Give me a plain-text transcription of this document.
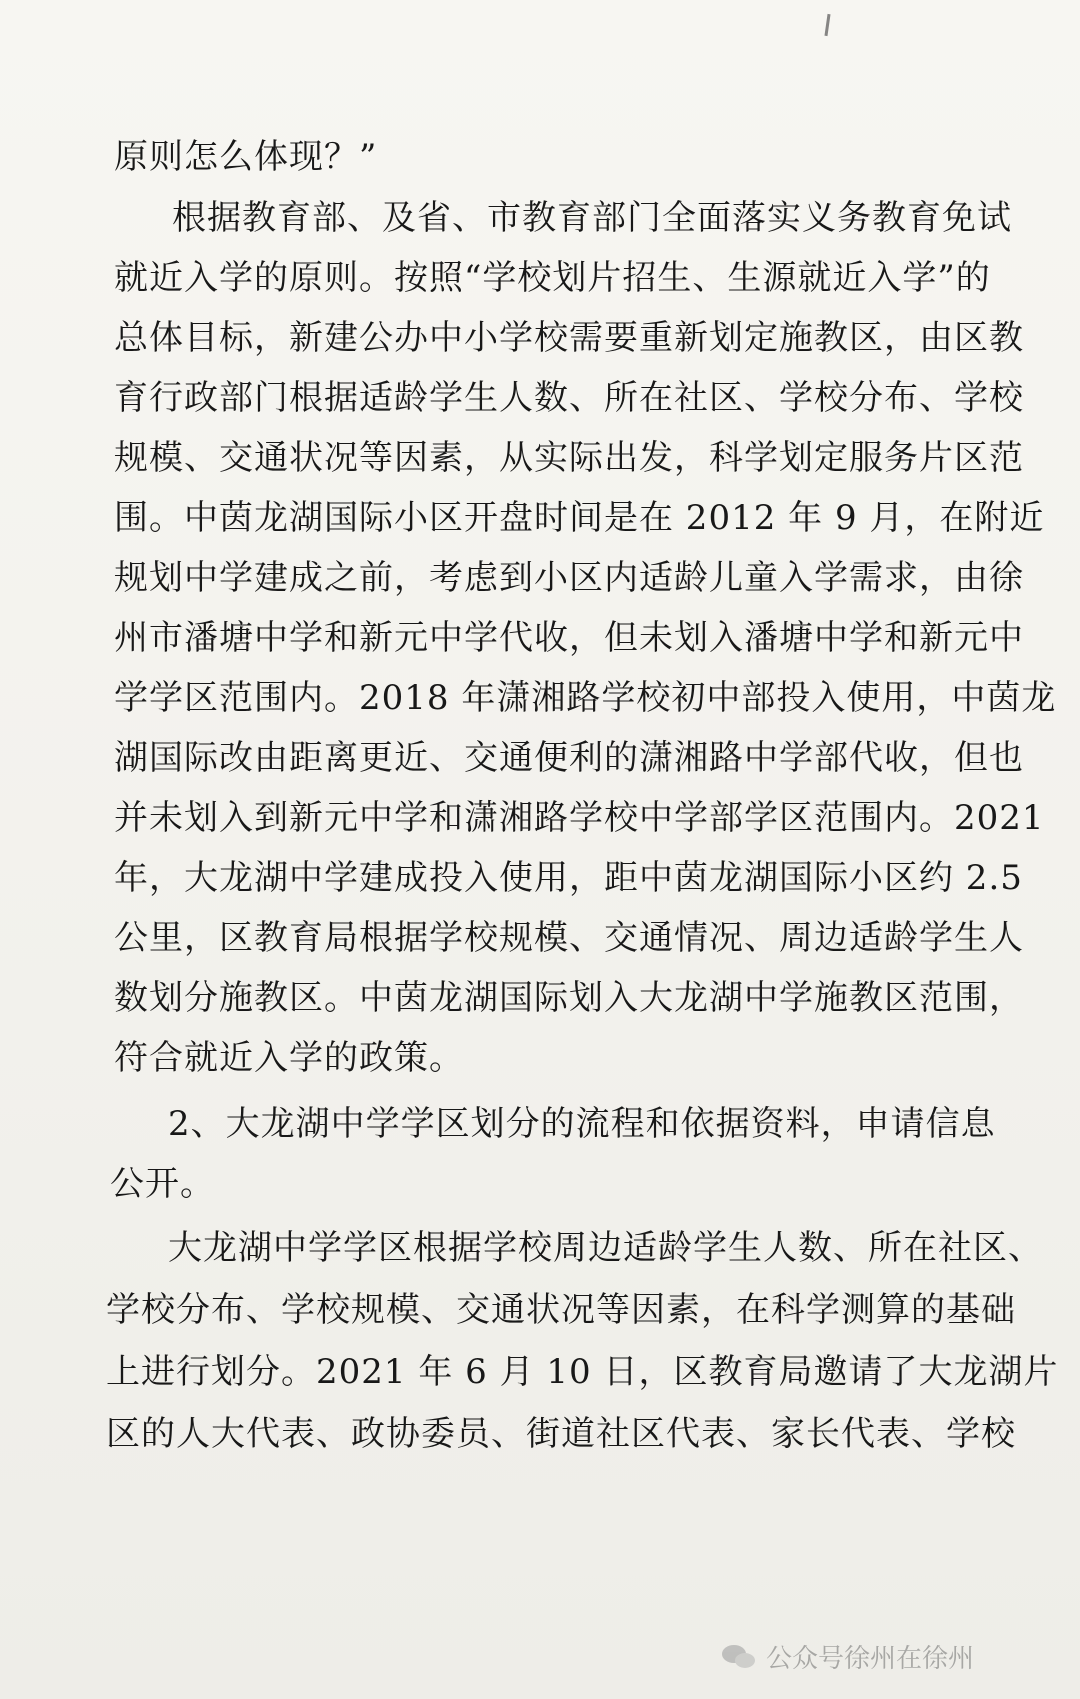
原则怎么体现？”
根据教育部、及省、市教育部门全面落实义务教育免试
就近入学的原则。按照“学校划片招生、生源就近入学”的
总体目标，新建公办中小学校需要重新划定施教区，由区教
育行政部门根据适龄学生人数、所在社区、学校分布、学校
规模、交通状况等因素，从实际出发，科学划定服务片区范
围。中茵龙湖国际小区开盘时间是在 2012 年 9 月，在附近
规划中学建成之前，考虑到小区内适龄儿童入学需求，由徐
州市潘塘中学和新元中学代收，但未划入潘塘中学和新元中
学学区范围内。2018 年潇湘路学校初中部投入使用，中茵龙
湖国际改由距离更近、交通便利的潇湘路中学部代收，但也
并未划入到新元中学和潇湘路学校中学部学区范围内。2021
年，大龙湖中学建成投入使用，距中茵龙湖国际小区约 2.5
公里，区教育局根据学校规模、交通情况、周边适龄学生人
数划分施教区。中茵龙湖国际划入大龙湖中学施教区范围，
符合就近入学的政策。
2、大龙湖中学学区划分的流程和依据资料，申请信息
公开。
大龙湖中学学区根据学校周边适龄学生人数、所在社区、
学校分布、学校规模、交通状况等因素，在科学测算的基础
上进行划分。2021 年 6 月 10 日，区教育局邀请了大龙湖片
区的人大代表、政协委员、街道社区代表、家长代表、学校
公众号徐州在徐州
